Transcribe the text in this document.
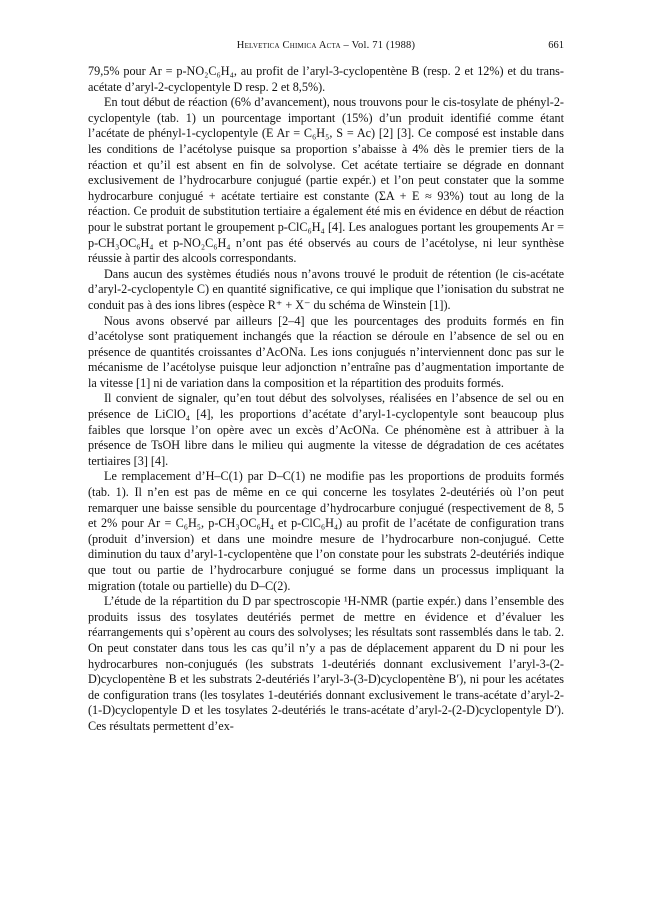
Helvetica Chimica Acta – Vol. 71 (1988)	661

79,5% pour Ar = p-NO₂C₆H₄, au profit de l’aryl-3-cyclopentène B (resp. 2 et 12%) et du trans-acétate d’aryl-2-cyclopentyle D resp. 2 et 8,5%).

En tout début de réaction (6% d’avancement), nous trouvons pour le cis-tosylate de phényl-2-cyclopentyle (tab. 1) un pourcentage important (15%) d’un produit identifié comme étant l’acétate de phényl-1-cyclopentyle (E Ar = C₆H₅, S = Ac) [2] [3]. Ce composé est instable dans les conditions de l’acétolyse puisque sa proportion s’abaisse à 4% dès le premier tiers de la réaction et qu’il est absent en fin de solvolyse. Cet acétate tertiaire se dégrade en donnant exclusivement de l’hydrocarbure conjugué (partie expér.) et l’on peut constater que la somme hydrocarbure conjugué + acétate tertiaire est constante (ΣA + E ≈ 93%) tout au long de la réaction. Ce produit de substitution tertiaire a également été mis en évidence en début de réaction pour le substrat portant le groupement p-ClC₆H₄ [4]. Les analogues portant les groupements Ar = p-CH₃OC₆H₄ et p-NO₂C₆H₄ n’ont pas été observés au cours de l’acétolyse, ni leur synthèse réussie à partir des alcools correspondants.

Dans aucun des systèmes étudiés nous n’avons trouvé le produit de rétention (le cis-acétate d’aryl-2-cyclopentyle C) en quantité significative, ce qui implique que l’ionisation du substrat ne conduit pas à des ions libres (espèce R⁺ + X⁻ du schéma de Winstein [1]).

Nous avons observé par ailleurs [2–4] que les pourcentages des produits formés en fin d’acétolyse sont pratiquement inchangés que la réaction se déroule en l’absence de sel ou en présence de quantités croissantes d’AcONa. Les ions conjugués n’interviennent donc pas sur le mécanisme de l’acétolyse puisque leur adjonction n’entraîne pas d’augmentation importante de la vitesse [1] ni de variation dans la composition et la répartition des produits formés.

Il convient de signaler, qu’en tout début des solvolyses, réalisées en l’absence de sel ou en présence de LiClO₄ [4], les proportions d’acétate d’aryl-1-cyclopentyle sont beaucoup plus faibles que lorsque l’on opère avec un excès d’AcONa. Ce phénomène est à attribuer à la présence de TsOH libre dans le milieu qui augmente la vitesse de dégradation de ces acétates tertiaires [3] [4].

Le remplacement d’H–C(1) par D–C(1) ne modifie pas les proportions de produits formés (tab. 1). Il n’en est pas de même en ce qui concerne les tosylates 2-deutériés où l’on peut remarquer une baisse sensible du pourcentage d’hydrocarbure conjugué (respectivement de 8, 5 et 2% pour Ar = C₆H₅, p-CH₃OC₆H₄ et p-ClC₆H₄) au profit de l’acétate de configuration trans (produit d’inversion) et dans une moindre mesure de l’hydrocarbure non-conjugué. Cette diminution du taux d’aryl-1-cyclopentène que l’on constate pour les substrats 2-deutériés indique que tout ou partie de l’hydrocarbure conjugué se forme dans un processus impliquant la migration (totale ou partielle) du D–C(2).

L’étude de la répartition du D par spectroscopie ¹H-NMR (partie expér.) dans l’ensemble des produits issus des tosylates deutériés permet de mettre en évidence et d’évaluer les réarrangements qui s’opèrent au cours des solvolyses; les résultats sont rassemblés dans le tab. 2. On peut constater dans tous les cas qu’il n’y a pas de déplacement apparent du D ni pour les hydrocarbures non-conjugués (les substrats 1-deutériés donnant exclusivement l’aryl-3-(2-D)cyclopentène B et les substrats 2-deutériés l’aryl-3-(3-D)cyclopentène B′), ni pour les acétates de configuration trans (les tosylates 1-deutériés donnant exclusivement le trans-acétate d’aryl-2-(1-D)cyclopentyle D et les tosylates 2-deutériés le trans-acétate d’aryl-2-(2-D)cyclopentyle D′). Ces résultats permettent d’ex-
